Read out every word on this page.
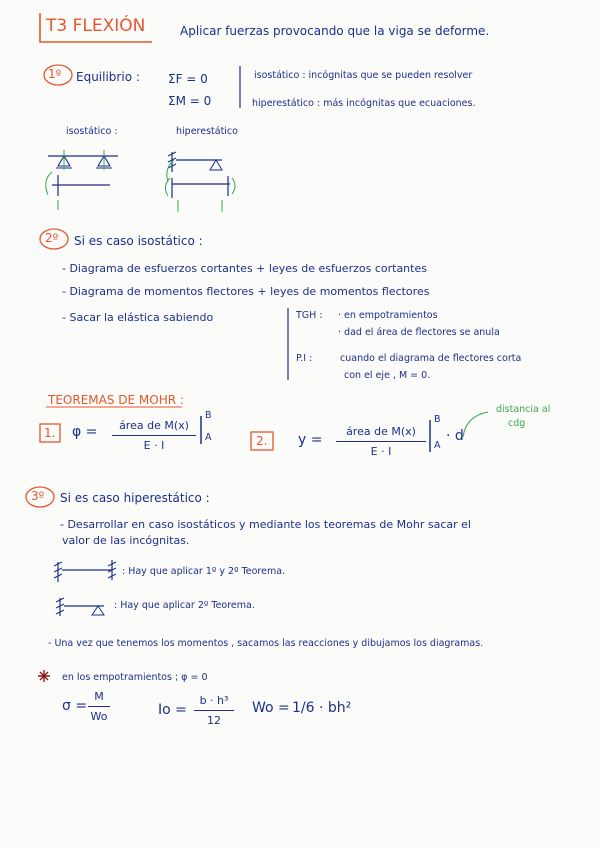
T3 FLEXIÓN	Aplicar fuerzas provocando que la viga se deforme.
1º Equilibrio : ΣF = 0
ΣM = 0
isostático : incógnitas que se pueden resolver
hiperestático : más incógnitas que ecuaciones.
isostático :	hiperestático
2º Si es caso isostático :
- Diagrama de esfuerzos cortantes + leyes de esfuerzos cortantes
- Diagrama de momentos flectores + leyes de momentos flectores
- Sacar la elástica sabiendo	TGH : · en empotramientos
· dad el área de flectores se anula
P.I :	cuando el diagrama de flectores corta
con el eje , M = 0.
TEOREMAS DE MOHR :
1. φ =	área de M(x)
E · I
B
A	2. y =
área de M(x)
E · I
B
A
· d
distancia al
cdg
3º Si es caso hiperestático :
- Desarrollar en caso isostáticos y mediante los teoremas de Mohr sacar el
valor de las incógnitas.
: Hay que aplicar 1º y 2º Teorema.
: Hay que aplicar 2º Teorema.
- Una vez que tenemos los momentos , sacamos las reacciones y dibujamos los diagramas.
en los empotramientos ; φ = 0
σ =
M
Wo	Io =
b · h³
12
Wo = 1/6 · bh²
